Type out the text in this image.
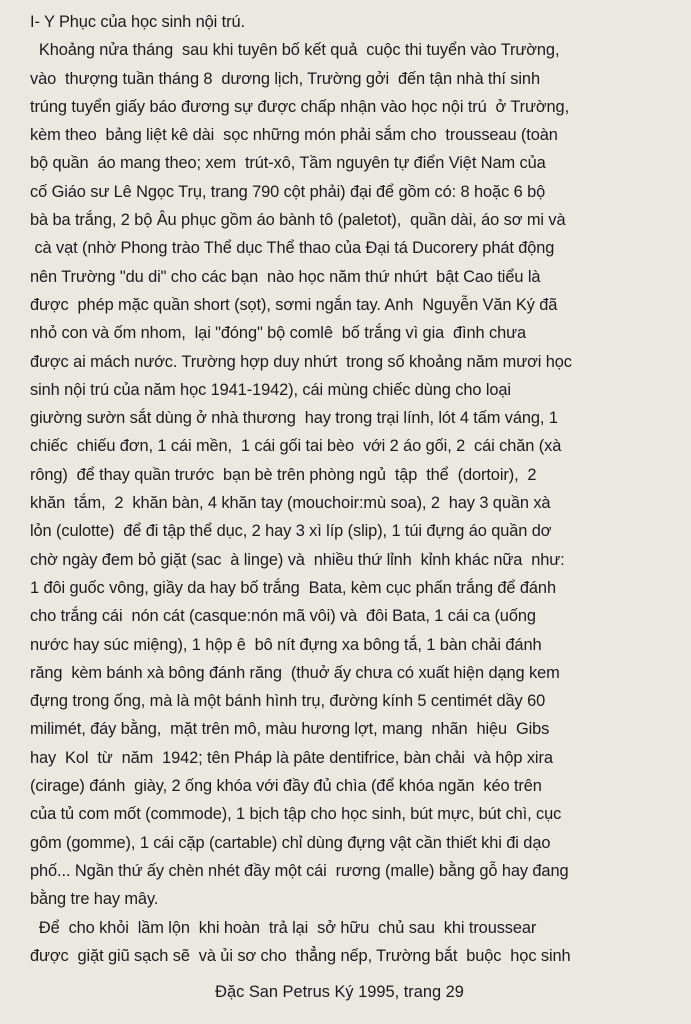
I- Y Phục của học sinh nội trú.
Khoảng nửa tháng  sau khi tuyên bố kết quả  cuộc thi tuyển vào Trường,
vào  thượng tuần tháng 8  dương lịch, Trường gởi  đến tận nhà thí sinh
trúng tuyển giấy báo đương sự được chấp nhận vào học nội trú  ở Trường,
kèm theo  bảng liệt kê dài  sọc những món phải sắm cho  trousseau (toàn
bộ quần  áo mang theo; xem  trút-xô, Tầm nguyên tự điển Việt Nam của
cố Giáo sư Lê Ngọc Trụ, trang 790 cột phải) đại để gồm có: 8 hoặc 6 bộ
bà ba trắng, 2 bộ Âu phục gồm áo bành tô (paletot),  quần dài, áo sơ mi và
cà vạt (nhờ Phong trào Thể dục Thể thao của Đại tá Ducorery phát động
nên Trường "du di" cho các bạn  nào học năm thứ nhứt  bật Cao tiểu là
được  phép mặc quần short (sọt), sơmi ngắn tay. Anh  Nguyễn Văn Ký đã
nhỏ con và ốm nhom,  lại "đóng" bộ comlê  bố trắng vì gia  đình chưa
được ai mách nước. Trường hợp duy nhứt  trong số khoảng năm mươi học
sinh nội trú của năm học 1941-1942), cái mùng chiếc dùng cho loại
giường sườn sắt dùng ở nhà thương  hay trong trại lính, lót 4 tấm váng, 1
chiếc  chiếu đơn, 1 cái mền,  1 cái gối tai bèo  với 2 áo gối, 2  cái chăn (xà
rông)  để thay quần trước  bạn bè trên phòng ngủ  tập  thể  (dortoir),  2
khăn  tắm,  2  khăn bàn, 4 khăn tay (mouchoir:mù soa), 2  hay 3 quần xà
lỏn (culotte)  để đi tập thể dục, 2 hay 3 xì líp (slip), 1 túi đựng áo quần dơ
chờ ngày đem bỏ giặt (sac  à linge) và  nhiều thứ lỉnh  kỉnh khác nữa  như:
1 đôi guốc vông, giầy da hay bố trắng  Bata, kèm cục phấn trắng để đánh
cho trắng cái  nón cát (casque:nón mã vôi) và  đôi Bata, 1 cái ca (uống
nước hay súc miệng), 1 hộp ê  bô nít đựng xa bông tắ, 1 bàn chải đánh
răng  kèm bánh xà bông đánh răng  (thuở ấy chưa có xuất hiện dạng kem
đựng trong ống, mà là một bánh hình trụ, đường kính 5 centimét dầy 60
milimét, đáy bằng,  mặt trên mô, màu hương lợt, mang  nhãn  hiệu  Gibs
hay  Kol  từ  năm  1942; tên Pháp là pâte dentifrice, bàn chải  và hộp xira
(cirage) đánh  giày, 2 ống khóa với đầy đủ chìa (để khóa ngăn  kéo trên
của tủ com mốt (commode), 1 bịch tập cho học sinh, bút mực, bút chì, cục
gôm (gomme), 1 cái cặp (cartable) chỉ dùng đựng vật cần thiết khi đi dạo
phố... Ngần thứ ấy chèn nhét đầy một cái  rương (malle) bằng gỗ hay đang
bằng tre hay mây.
Để  cho khỏi  lầm lộn  khi hoàn  trả lại  sở hữu  chủ sau  khi troussear
được  giặt giũ sạch sẽ  và ủi sơ cho  thẳng nếp, Trường bắt  buộc  học sinh
Đặc San Petrus Ký 1995, trang 29
